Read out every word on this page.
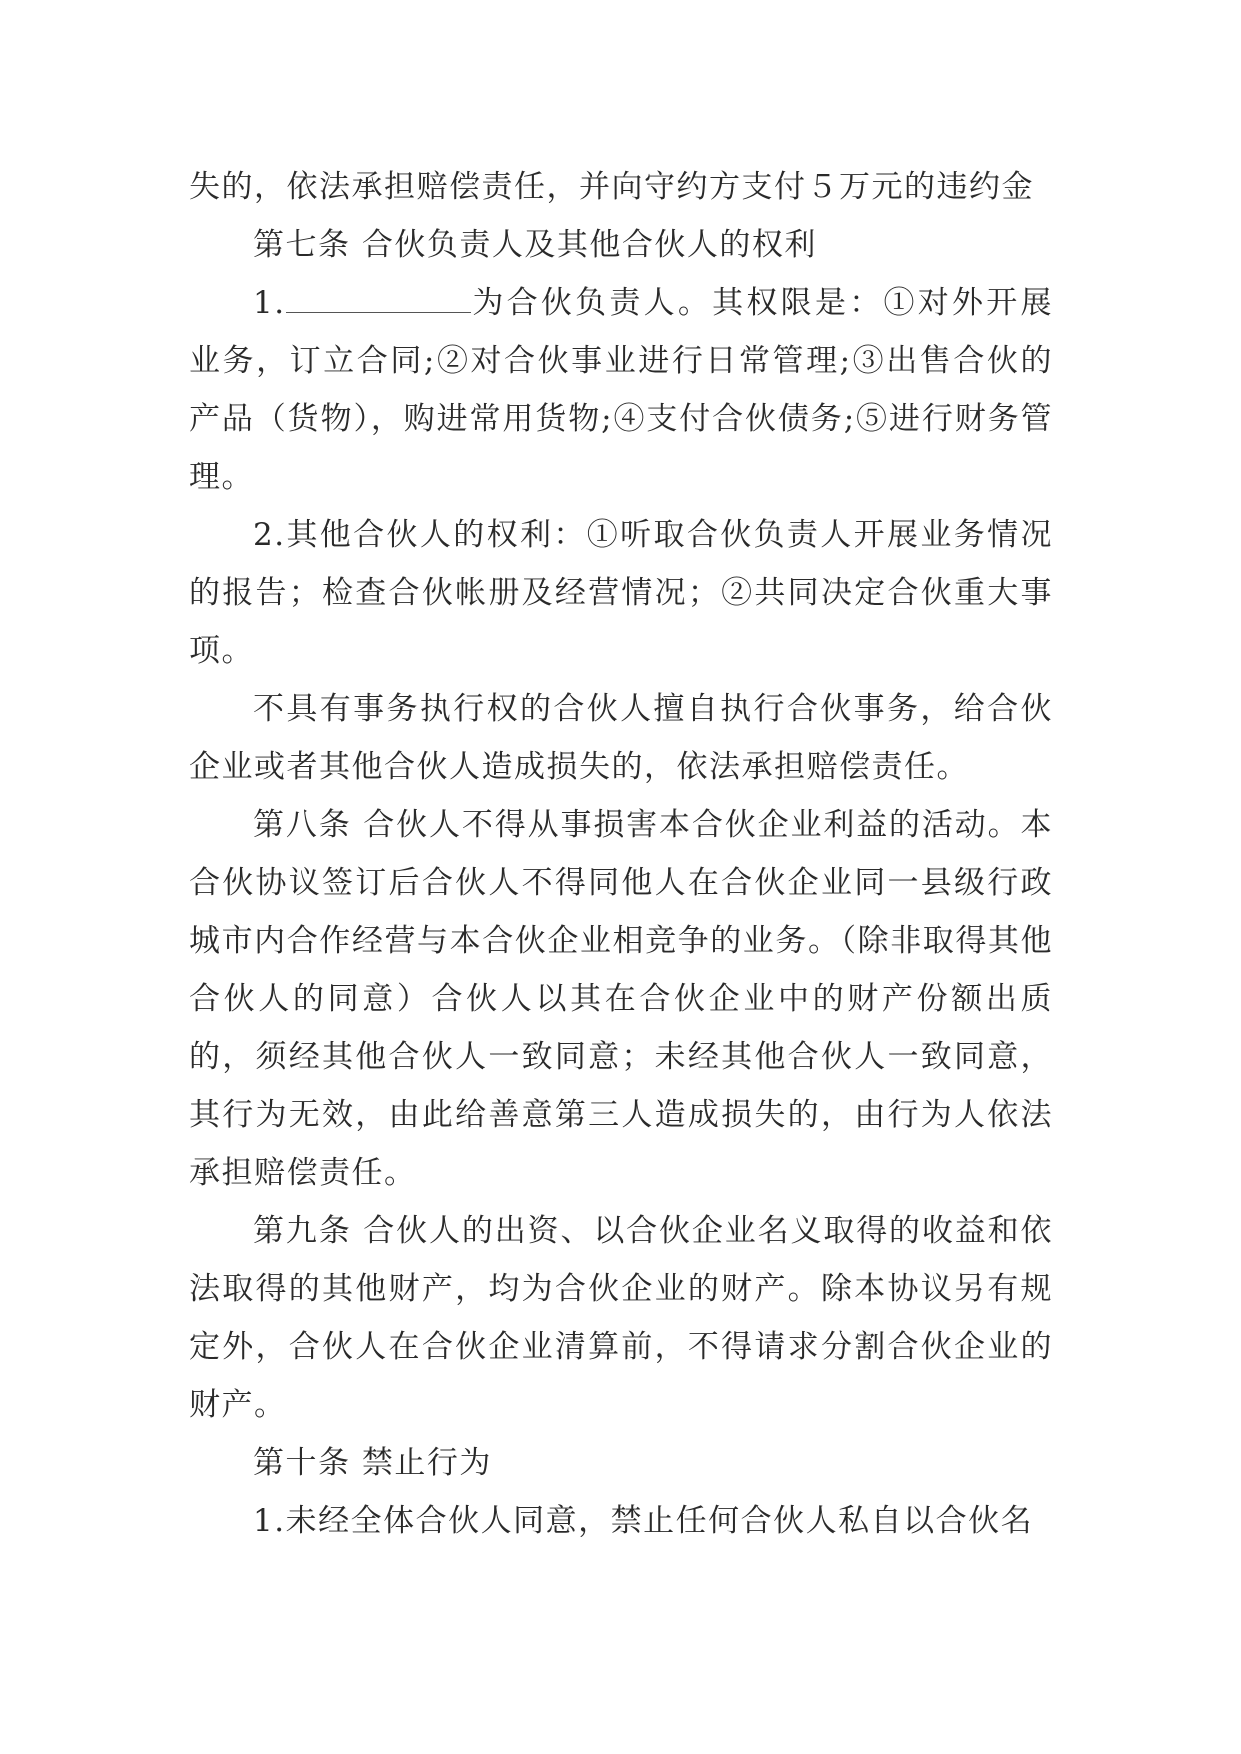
失的，依法承担赔偿责任，并向守约方支付５万元的违约金

第七条 合伙负责人及其他合伙人的权利

1.	为合伙负责人。其权限是：①对外开展业务，订立合同;②对合伙事业进行日常管理;③出售合伙的产品（货物），购进常用货物;④支付合伙债务;⑤进行财务管理。

2.其他合伙人的权利：①听取合伙负责人开展业务情况的报告；检查合伙帐册及经营情况；②共同决定合伙重大事项。

不具有事务执行权的合伙人擅自执行合伙事务，给合伙企业或者其他合伙人造成损失的，依法承担赔偿责任。

第八条 合伙人不得从事损害本合伙企业利益的活动。本合伙协议签订后合伙人不得同他人在合伙企业同一县级行政城市内合作经营与本合伙企业相竞争的业务。（除非取得其他合伙人的同意）合伙人以其在合伙企业中的财产份额出质的，须经其他合伙人一致同意；未经其他合伙人一致同意，其行为无效，由此给善意第三人造成损失的，由行为人依法承担赔偿责任。

第九条 合伙人的出资、以合伙企业名义取得的收益和依法取得的其他财产，均为合伙企业的财产。除本协议另有规定外，合伙人在合伙企业清算前，不得请求分割合伙企业的财产。

第十条 禁止行为

1.未经全体合伙人同意，禁止任何合伙人私自以合伙名
